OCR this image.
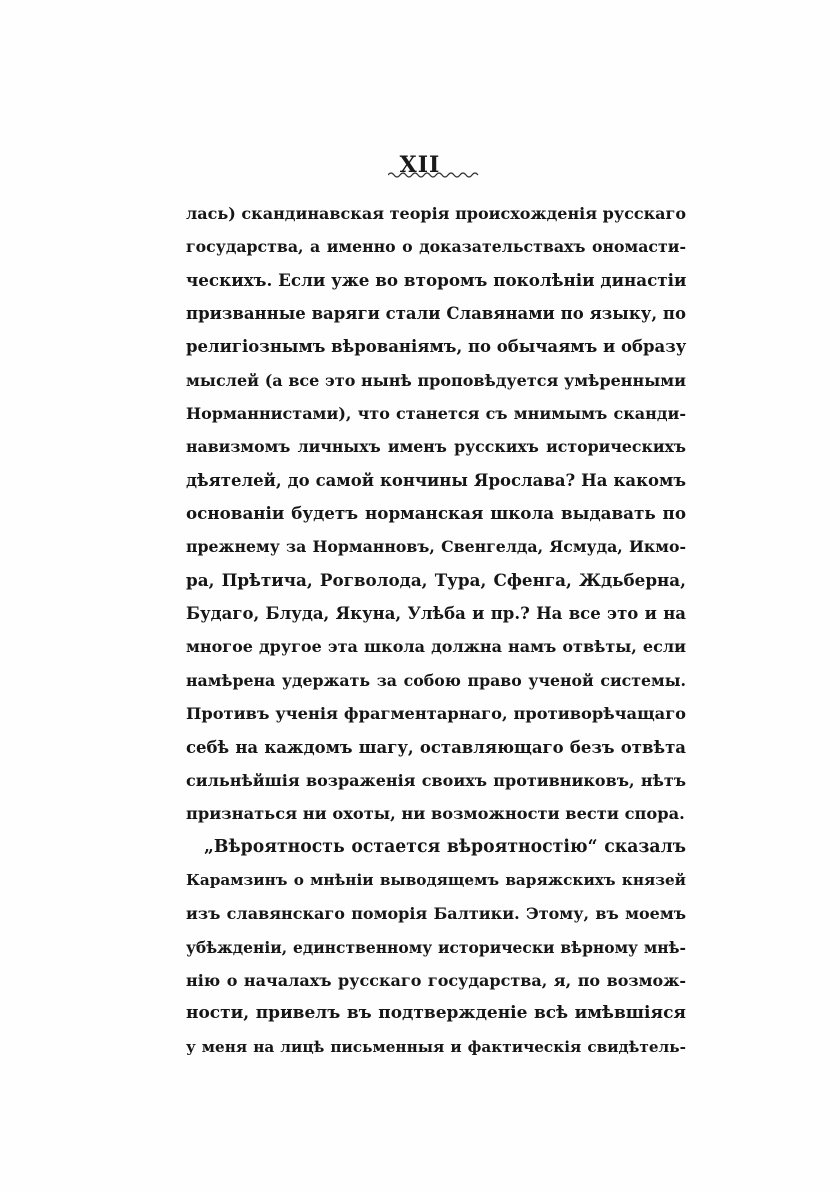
XII
лась) скандинавская теорія происхожденія русскаго
государства, а именно о доказательствахъ ономасти-
ческихъ. Если уже во второмъ поколѣніи династіи
призванные варяги стали Славянами по языку, по
религіознымъ вѣрованіямъ, по обычаямъ и образу
мыслей (а все это нынѣ проповѣдуется умѣренными
Норманнистами), что станется съ мнимымъ сканди-
навизмомъ личныхъ именъ русскихъ историческихъ
дѣятелей, до самой кончины Ярослава? На какомъ
основаніи будетъ норманская школа выдавать по
прежнему за Норманновъ, Свенгелда, Ясмуда, Икмо-
ра, Прѣтича, Рогволода, Тура, Сфенга, Ждьберна,
Будаго, Блуда, Якуна, Улѣба и пр.? На все это и на
многое другое эта школа должна намъ отвѣты, если
намѣрена удержать за собою право ученой системы.
Противъ ученія фрагментарнаго, противорѣчащаго
себѣ на каждомъ шагу, оставляющаго безъ отвѣта
сильнѣйшія возраженія своихъ противниковъ, нѣтъ
признаться ни охоты, ни возможности вести спора.
„Вѣроятность остается вѣроятностію“ сказалъ
Карамзинъ о мнѣніи выводящемъ варяжскихъ князей
изъ славянскаго поморія Балтики. Этому, въ моемъ
убѣжденіи, единственному исторически вѣрному мнѣ-
нію о началахъ русскаго государства, я, по возмож-
ности, привелъ въ подтвержденіе всѣ имѣвшіяся
у меня на лицѣ письменныя и фактическія свидѣтель-
